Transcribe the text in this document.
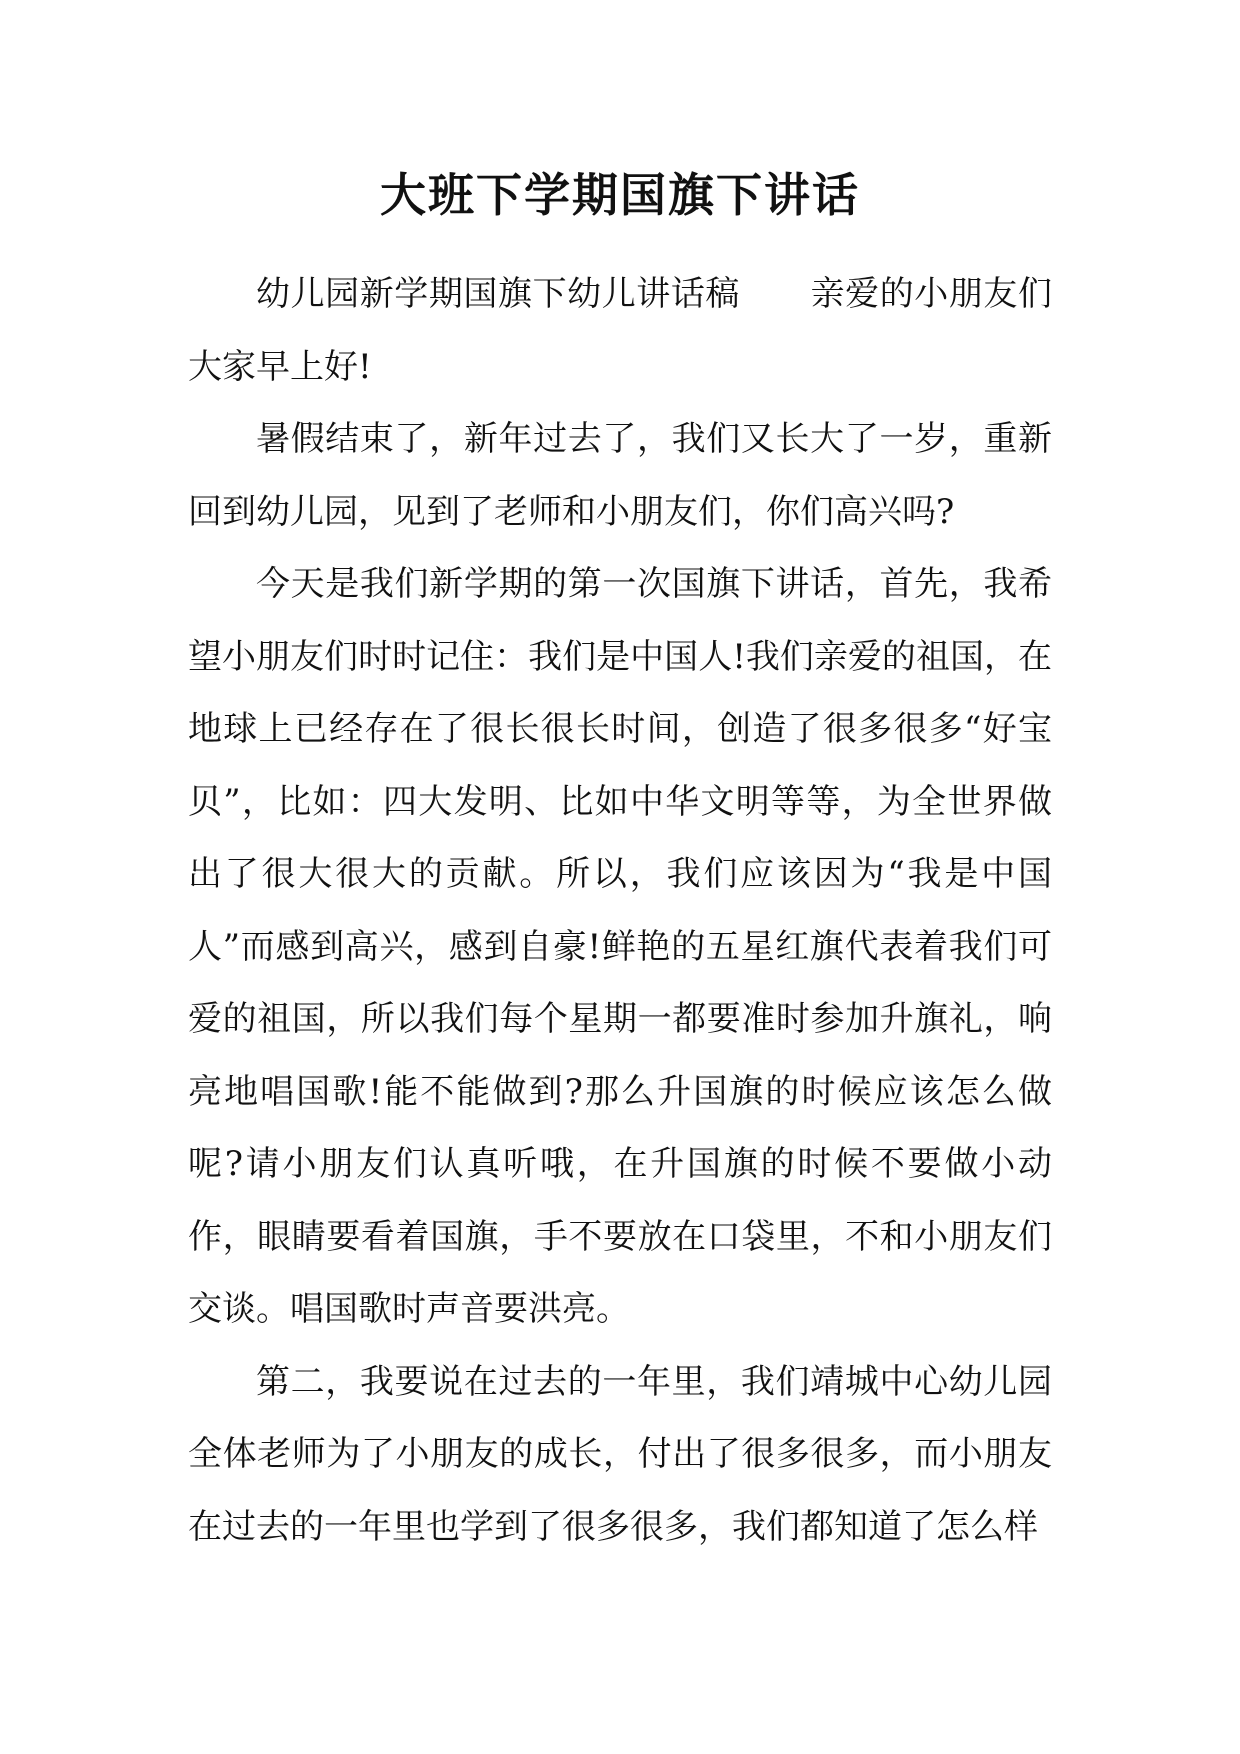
大班下学期国旗下讲话

幼儿园新学期国旗下幼儿讲话稿 亲爱的小朋友们大家早上好!

暑假结束了，新年过去了，我们又长大了一岁，重新回到幼儿园，见到了老师和小朋友们，你们高兴吗?

今天是我们新学期的第一次国旗下讲话，首先，我希望小朋友们时时记住：我们是中国人!我们亲爱的祖国，在地球上已经存在了很长很长时间，创造了很多很多“好宝贝”，比如：四大发明、比如中华文明等等，为全世界做出了很大很大的贡献。所以，我们应该因为“我是中国人”而感到高兴，感到自豪!鲜艳的五星红旗代表着我们可爱的祖国，所以我们每个星期一都要准时参加升旗礼，响亮地唱国歌!能不能做到?那么升国旗的时候应该怎么做呢?请小朋友们认真听哦，在升国旗的时候不要做小动作，眼睛要看着国旗，手不要放在口袋里，不和小朋友们交谈。唱国歌时声音要洪亮。

第二，我要说在过去的一年里，我们靖城中心幼儿园全体老师为了小朋友的成长，付出了很多很多，而小朋友在过去的一年里也学到了很多很多，我们都知道了怎么样
